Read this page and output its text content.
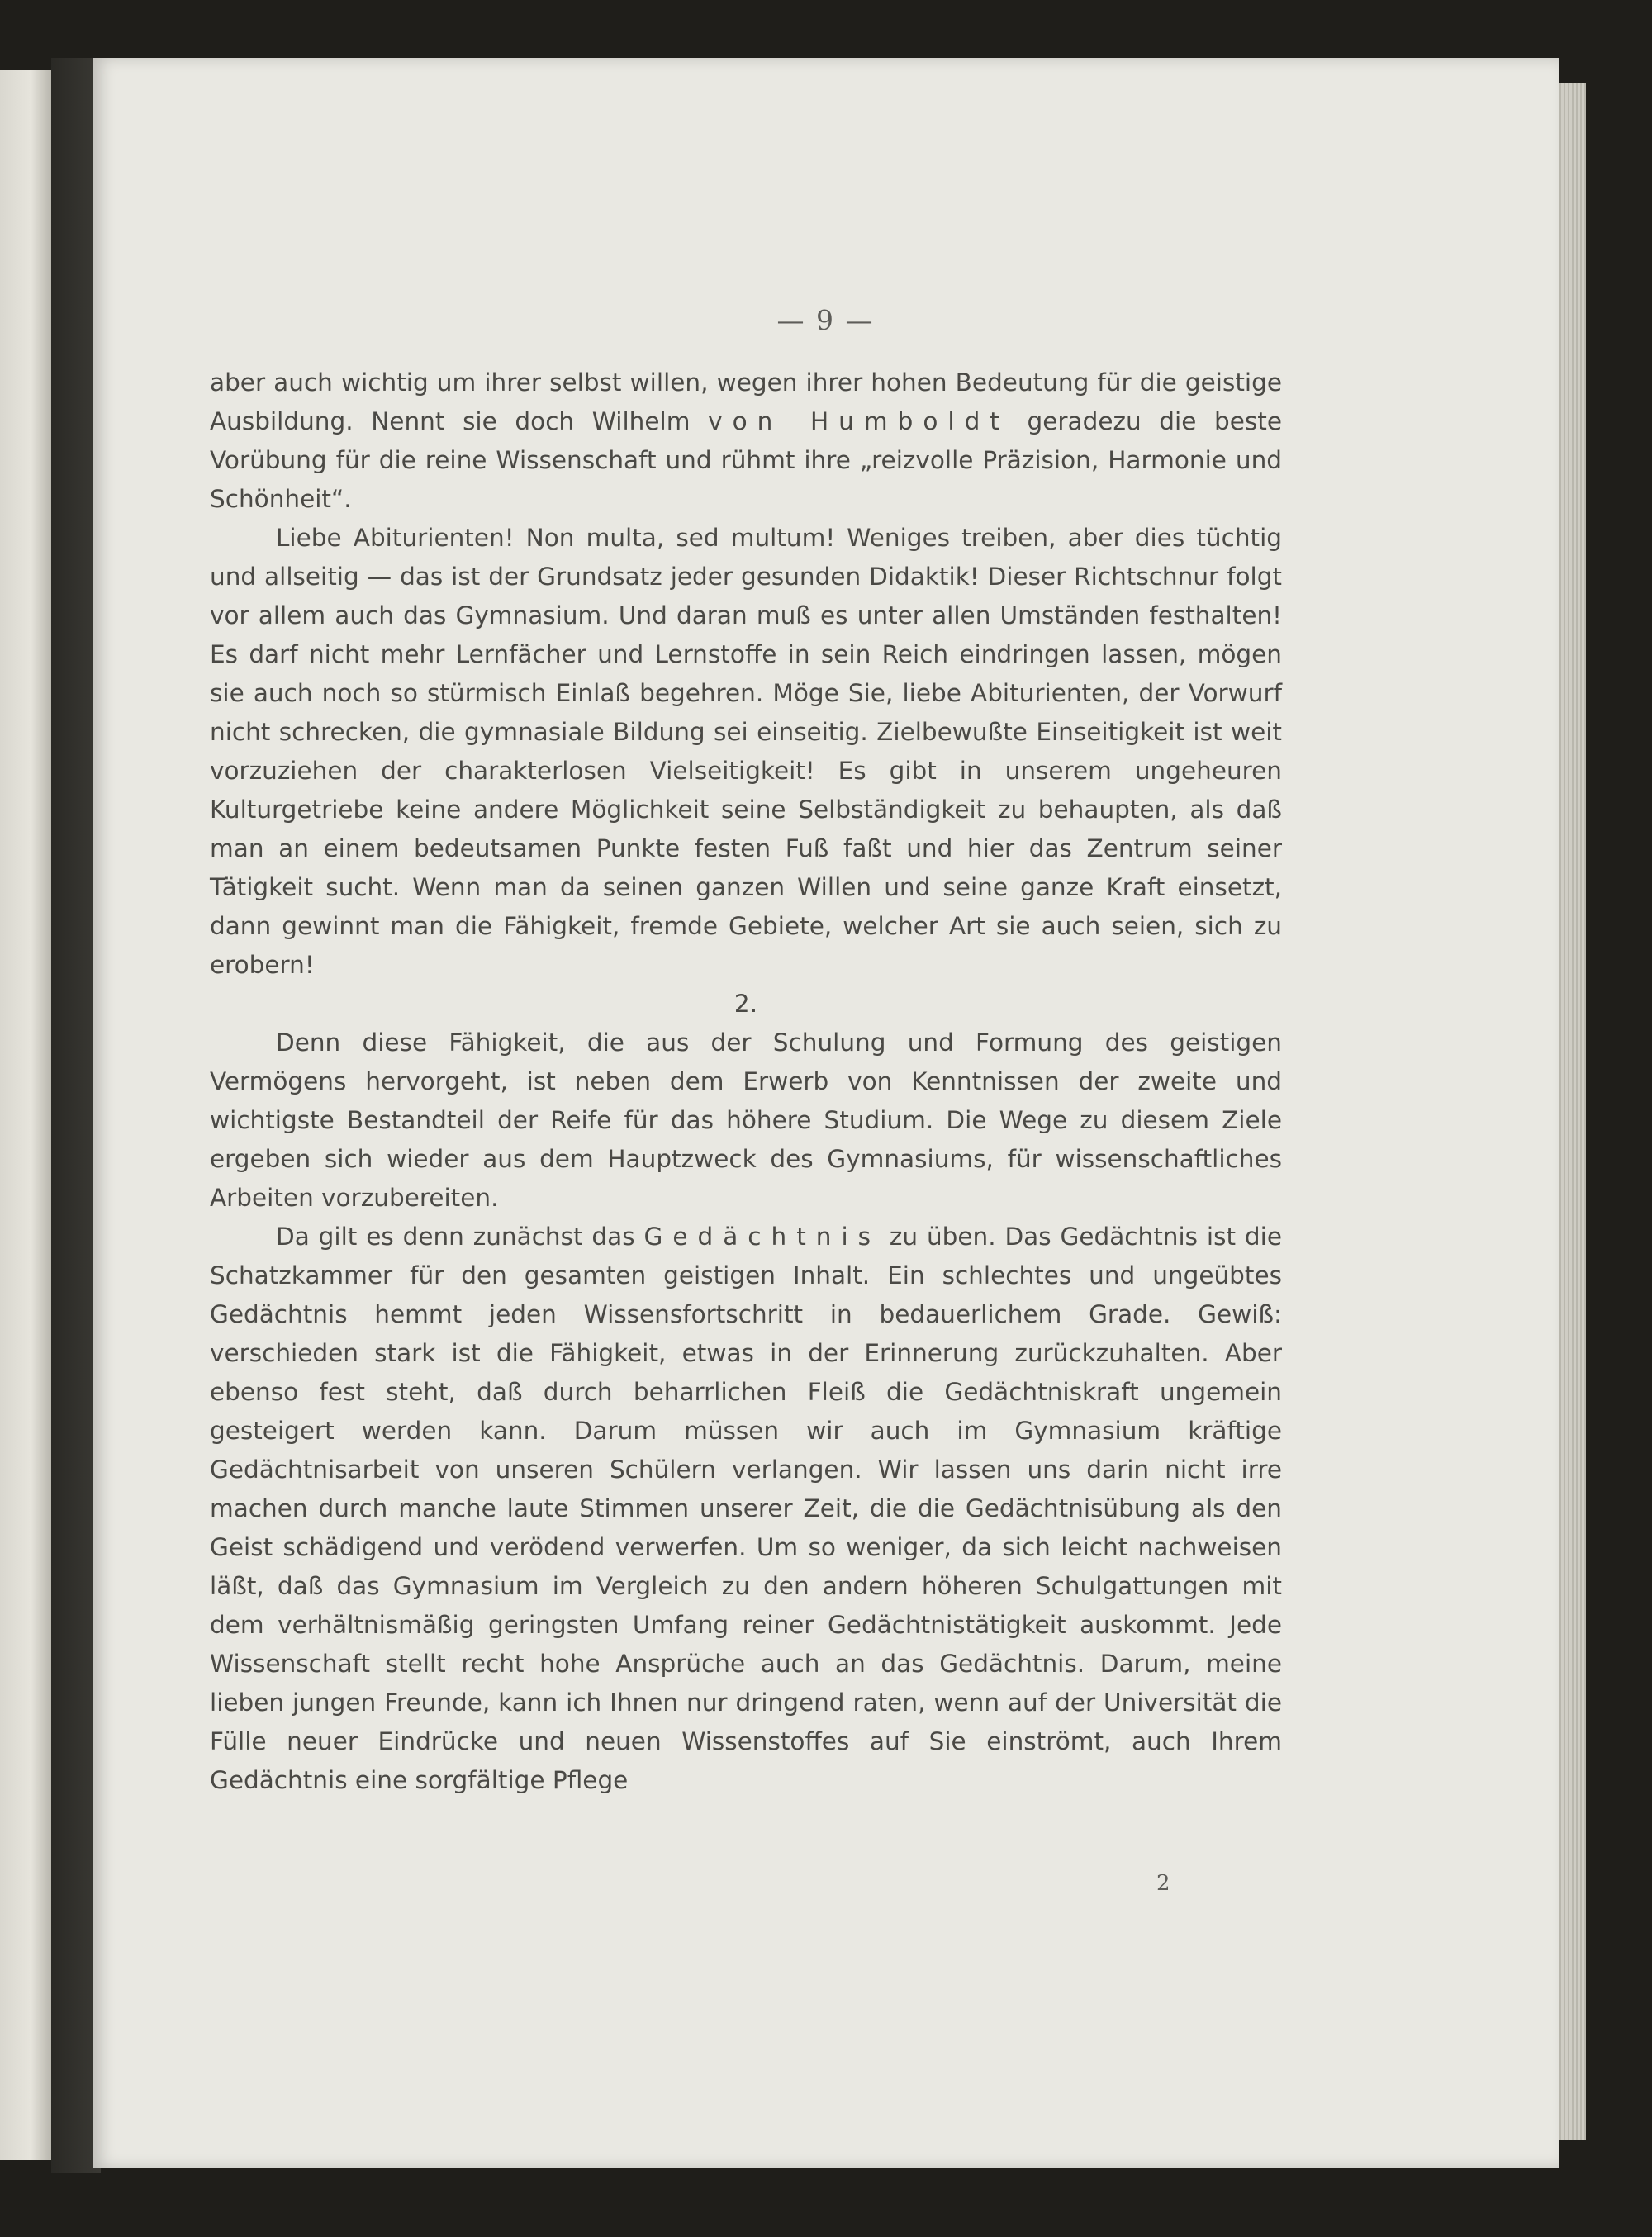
— 9 —

aber auch wichtig um ihrer selbst willen, wegen ihrer hohen Bedeutung für die geistige Ausbildung. Nennt sie doch Wilhelm von Humboldt geradezu die beste Vorübung für die reine Wissenschaft und rühmt ihre „reizvolle Präzision, Harmonie und Schönheit“.

Liebe Abiturienten! Non multa, sed multum! Weniges treiben, aber dies tüchtig und allseitig — das ist der Grundsatz jeder gesunden Didaktik! Dieser Richtschnur folgt vor allem auch das Gymnasium. Und daran muß es unter allen Umständen festhalten! Es darf nicht mehr Lernfächer und Lernstoffe in sein Reich eindringen lassen, mögen sie auch noch so stürmisch Einlaß begehren. Möge Sie, liebe Abiturienten, der Vorwurf nicht schrecken, die gymnasiale Bildung sei einseitig. Zielbewußte Einseitigkeit ist weit vorzuziehen der charakterlosen Vielseitigkeit! Es gibt in unserem ungeheuren Kulturgetriebe keine andere Möglichkeit seine Selbständigkeit zu behaupten, als daß man an einem bedeutsamen Punkte festen Fuß faßt und hier das Zentrum seiner Tätigkeit sucht. Wenn man da seinen ganzen Willen und seine ganze Kraft einsetzt, dann gewinnt man die Fähigkeit, fremde Gebiete, welcher Art sie auch seien, sich zu erobern!

2.

Denn diese Fähigkeit, die aus der Schulung und Formung des geistigen Vermögens hervorgeht, ist neben dem Erwerb von Kenntnissen der zweite und wichtigste Bestandteil der Reife für das höhere Studium. Die Wege zu diesem Ziele ergeben sich wieder aus dem Hauptzweck des Gymnasiums, für wissenschaftliches Arbeiten vorzubereiten.

Da gilt es denn zunächst das Gedächtnis zu üben. Das Gedächtnis ist die Schatzkammer für den gesamten geistigen Inhalt. Ein schlechtes und ungeübtes Gedächtnis hemmt jeden Wissensfortschritt in bedauerlichem Grade. Gewiß: verschieden stark ist die Fähigkeit, etwas in der Erinnerung zurückzuhalten. Aber ebenso fest steht, daß durch beharrlichen Fleiß die Gedächtniskraft ungemein gesteigert werden kann. Darum müssen wir auch im Gymnasium kräftige Gedächtnisarbeit von unseren Schülern verlangen. Wir lassen uns darin nicht irre machen durch manche laute Stimmen unserer Zeit, die die Gedächtnisübung als den Geist schädigend und verödend verwerfen. Um so weniger, da sich leicht nachweisen läßt, daß das Gymnasium im Vergleich zu den andern höheren Schulgattungen mit dem verhältnismäßig geringsten Umfang reiner Gedächtnistätigkeit auskommt. Jede Wissenschaft stellt recht hohe Ansprüche auch an das Gedächtnis. Darum, meine lieben jungen Freunde, kann ich Ihnen nur dringend raten, wenn auf der Universität die Fülle neuer Eindrücke und neuen Wissenstoffes auf Sie einströmt, auch Ihrem Gedächtnis eine sorgfältige Pflege

2
